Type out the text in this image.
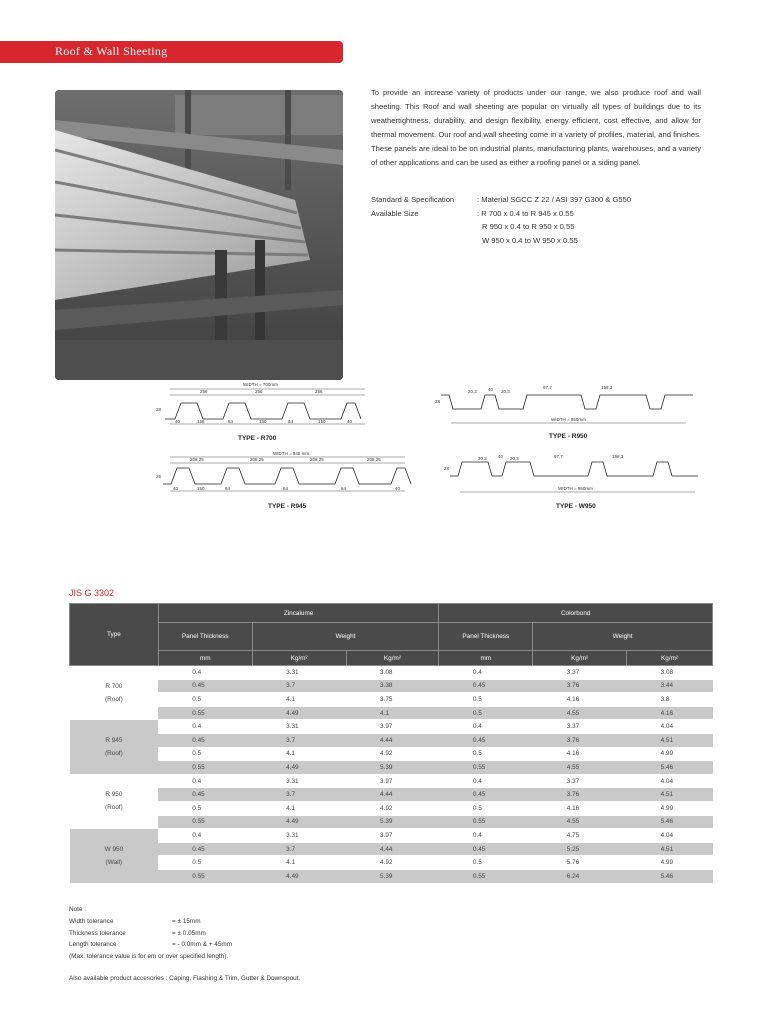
Roof & Wall Sheeting
To provide an increase variety of products under our range, we also produce roof and wall sheeting. This Roof and wall sheeting are popular on virtually all types of buildings due to its weathertightness, durability, and design flexibility, energy efficient, cost effective, and allow for thermal movement. Our roof and wall sheeting come in a variety of profiles, material, and finishes. These panels are ideal to be on industrial plants, manufacturing plants, warehouses, and a variety of other applications and can be used as either a roofing panel or a siding panel.
Standard & Specification	: Material SGCC Z 22 / ASI 397 G300 & G550
Available Size	: R 700 x 0.4 to R 945 x 0.55
R 950 x 0.4 to R 950 x 0.55
W 950 x 0.4 to W 950 x 0.55
WIDTH = 700mm
256	256	256
28
40	156	64	150	64	150	40
TYPE - R700
20,3 40 20,3
97,7	158,3
28
WIDTH = 950mm
TYPE - R950
WIDTH = 945 mm
208,25	208,25	208,25	208,25
25
40	150	64	64	64	40
TYPE - R945
20,3 40 20,3	97,7	158,3
28
WIDTH = 950mm
TYPE - W950
JIS G 3302
Type	Zincalume			Colorbond		
	Panel Thickness	Weight		Panel Thickness	Weight	
	mm	Kg/m²	Kg/m²	mm	Kg/m²	Kg/m²

R 700
(Roof)	0.4	3.31	3.08	0.4	3.37	3.08
	0.45	3.7	3.38	0.45	3.76	3.44
	0.5	4.1	3.75	0.5	4.16	3.8
	0.55	4.49	4.1	0.5	4.55	4.16

R 945
(Roof)	0.4	3.31	3.97	0.4	3.37	4.04
	0.45	3.7	4.44	0.45	3.76	4.51
	0.5	4.1	4.92	0.5	4.16	4.99
	0.55	4.49	5.39	0.55	4.55	5.46

R 950
(Roof)	0.4	3.31	3.97	0.4	3.37	4.04
	0.45	3.7	4.44	0.45	3.76	4.51
	0.5	4.1	4.92	0.5	4.16	4.99
	0.55	4.49	5.39	0.55	4.55	5.46

W 950
(Wall)	0.4	3.31	3.97	0.4	4.75	4.04
	0.45	3.7	4.44	0.45	5.25	4.51
	0.5	4.1	4.92	0.5	5.76	4.99
	0.55	4.49	5.39	0.55	6.24	5.46
Note :
Width tolerance	= ± 15mm
Thickness tolerance	= ± 0.05mm
Length tolerance	= - 0.0mm & + 45mm
(Max. tolerance value is for em or over specified length).
Also available product accesories : Caping, Flashing & Trim, Gutter & Downspout.
